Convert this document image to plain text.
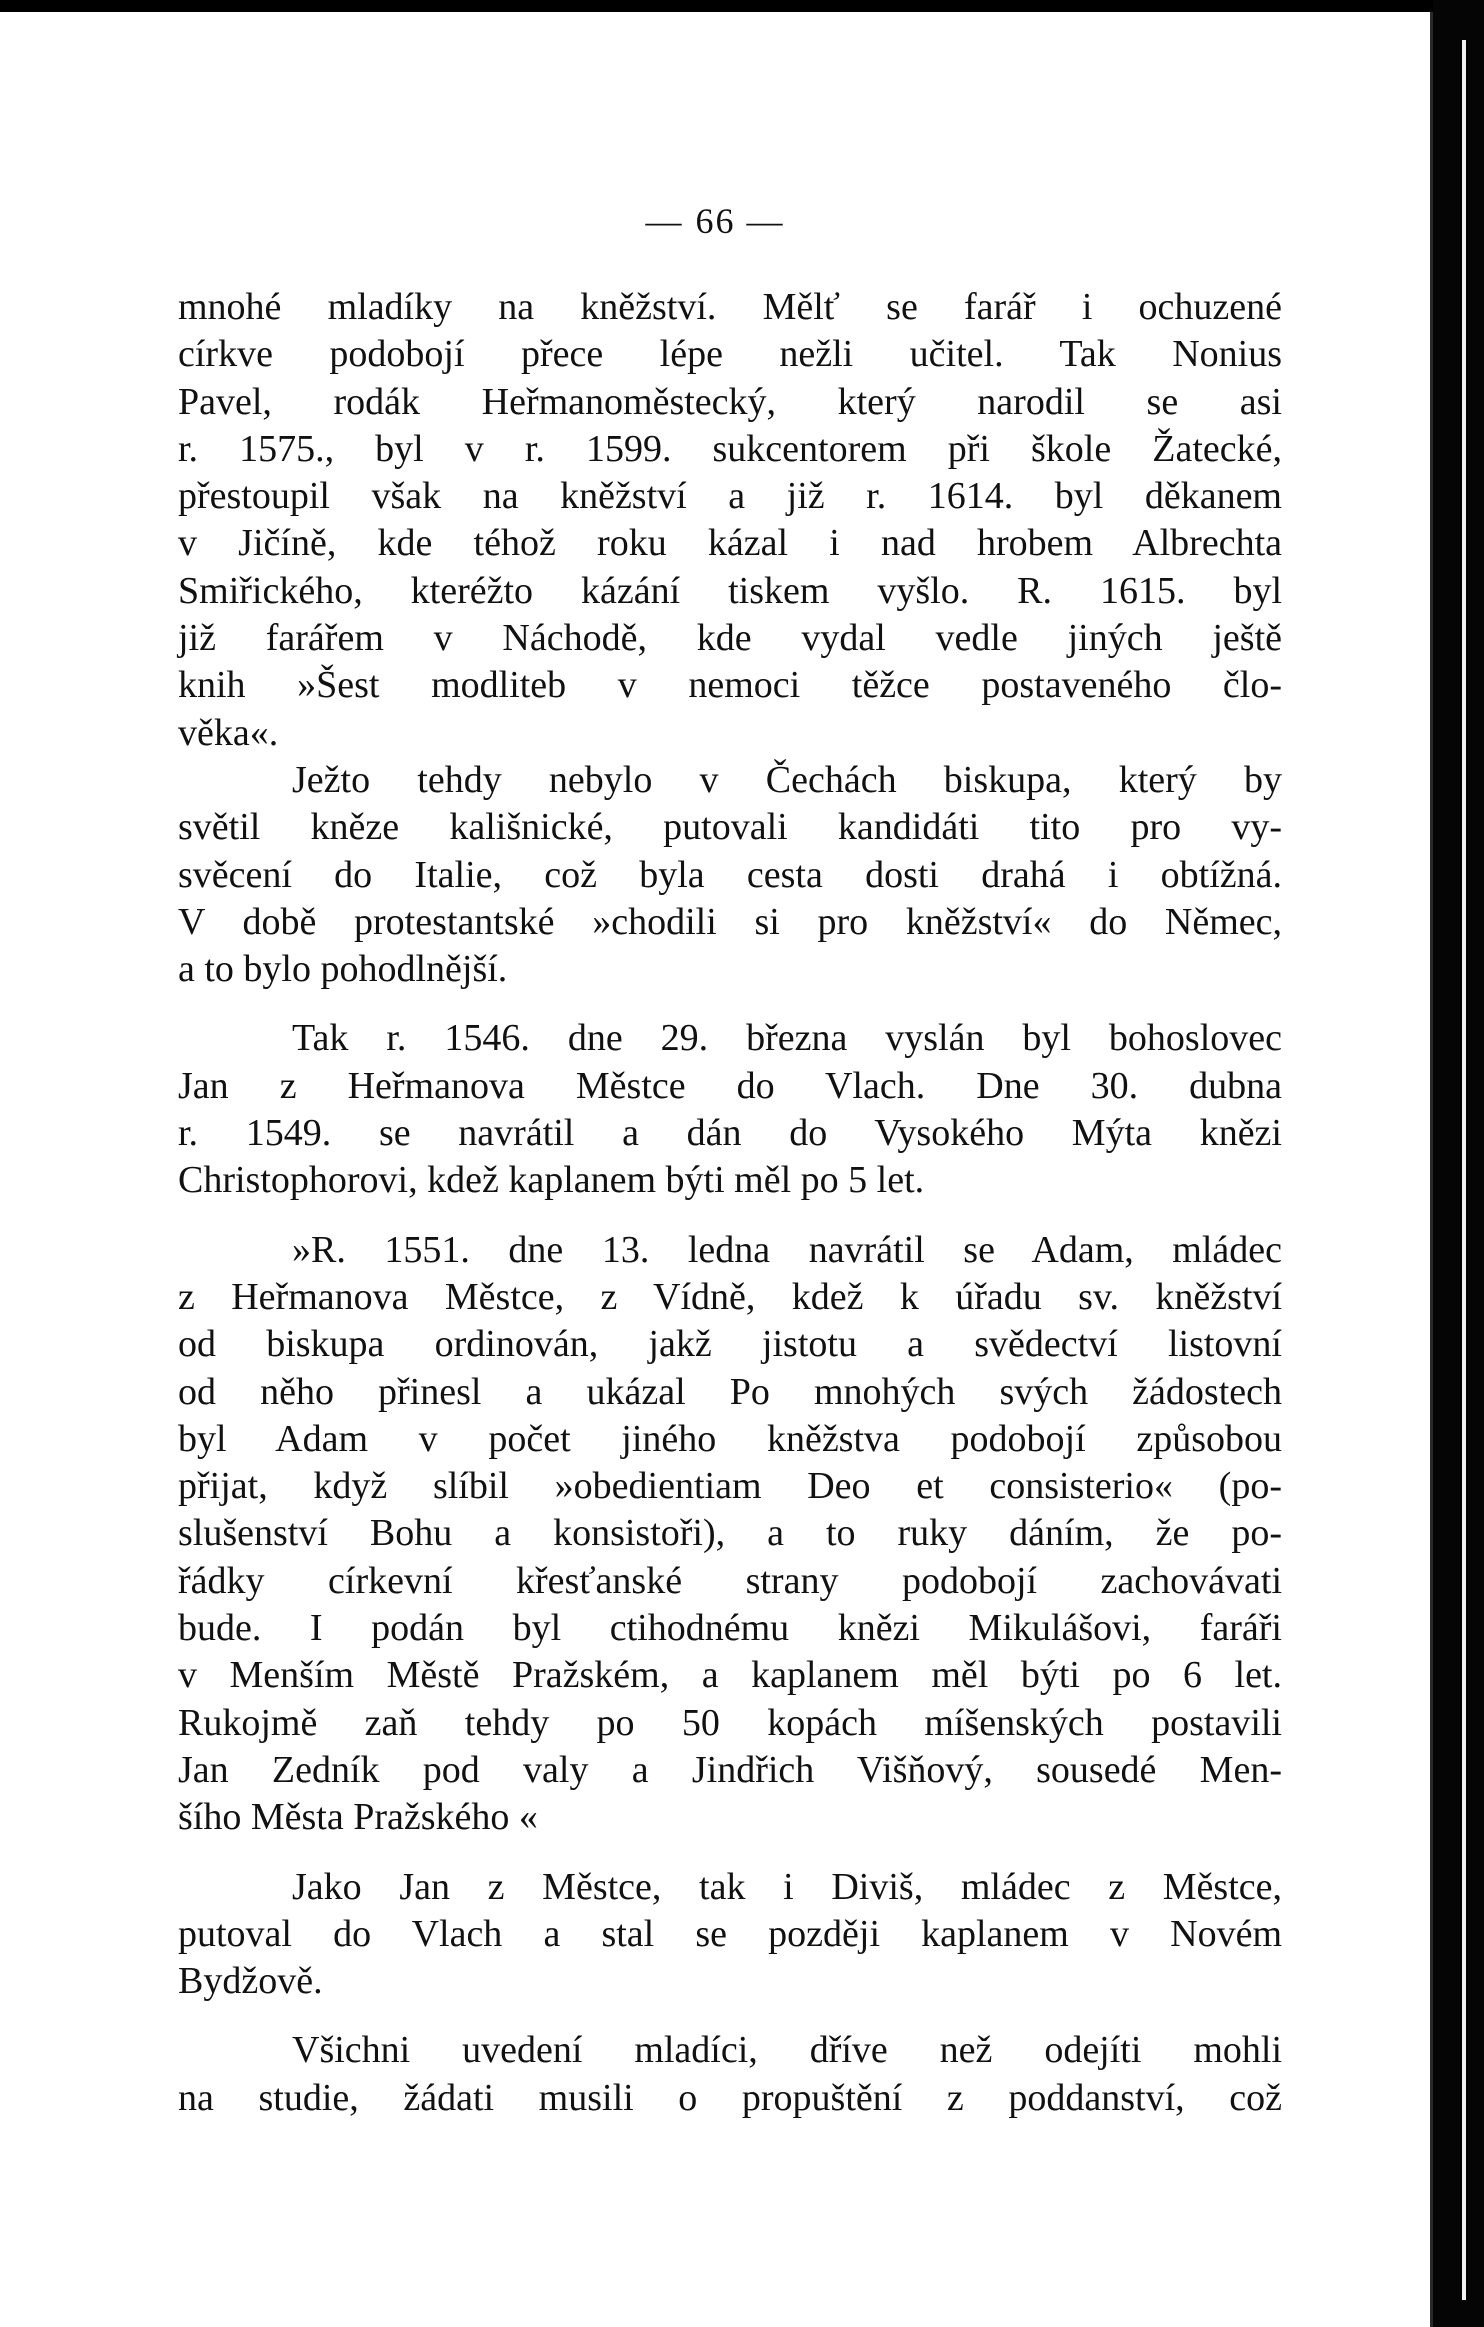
— 66 —
mnohé mladíky na kněžství. Mělť se farář i ochuzené
církve podobojí přece lépe nežli učitel. Tak Nonius
Pavel, rodák Heřmanoměstecký, který narodil se asi
r. 1575., byl v r. 1599. sukcentorem při škole Žatecké,
přestoupil však na kněžství a již r. 1614. byl děkanem
v Jičíně, kde téhož roku kázal i nad hrobem Albrechta
Smiřického, kteréžto kázání tiskem vyšlo. R. 1615. byl
již farářem v Náchodě, kde vydal vedle jiných ještě
knih »Šest modliteb v nemoci těžce postaveného člo-
věka«.
Ježto tehdy nebylo v Čechách biskupa, který by
světil kněze kališnické, putovali kandidáti tito pro vy-
svěcení do Italie, což byla cesta dosti drahá i obtížná.
V době protestantské »chodili si pro kněžství« do Němec,
a to bylo pohodlnější.
Tak r. 1546. dne 29. března vyslán byl bohoslovec
Jan z Heřmanova Městce do Vlach. Dne 30. dubna
r. 1549. se navrátil a dán do Vysokého Mýta knězi
Christophorovi, kdež kaplanem býti měl po 5 let.
»R. 1551. dne 13. ledna navrátil se Adam, mládec
z Heřmanova Městce, z Vídně, kdež k úřadu sv. kněžství
od biskupa ordinován, jakž jistotu a svědectví listovní
od něho přinesl a ukázal Po mnohých svých žádostech
byl Adam v počet jiného kněžstva podobojí způsobou
přijat, když slíbil »obedientiam Deo et consisterio« (po-
slušenství Bohu a konsistoři), a to ruky dáním, že po-
řádky církevní křesťanské strany podobojí zachovávati
bude. I podán byl ctihodnému knězi Mikulášovi, faráři
v Menším Městě Pražském, a kaplanem měl býti po 6 let.
Rukojmě zaň tehdy po 50 kopách míšenských postavili
Jan Zedník pod valy a Jindřich Višňový, sousedé Men-
šího Města Pražského «
Jako Jan z Městce, tak i Diviš, mládec z Městce,
putoval do Vlach a stal se později kaplanem v Novém
Bydžově.
Všichni uvedení mladíci, dříve než odejíti mohli
na studie, žádati musili o propuštění z poddanství, což
